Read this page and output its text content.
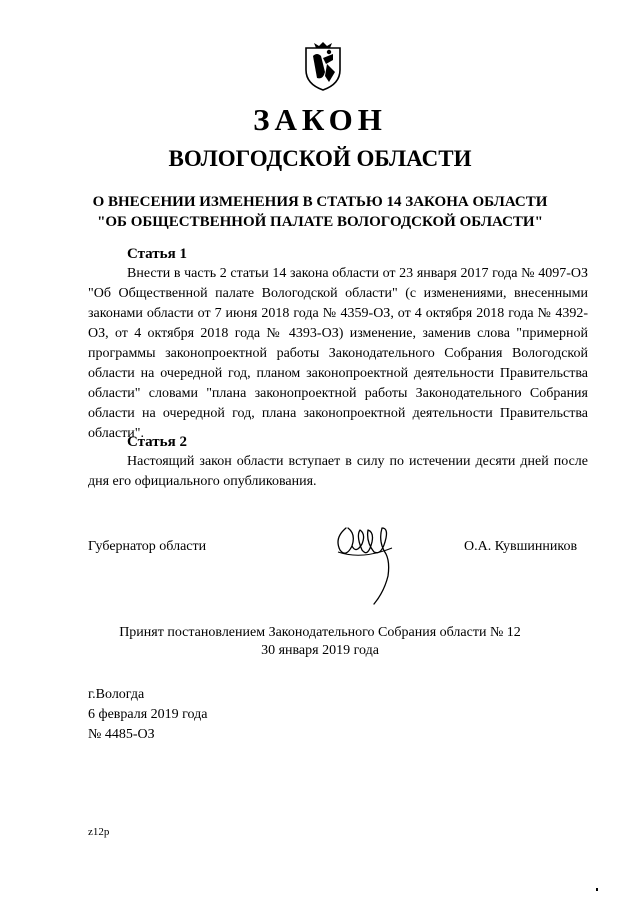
ЗАКОН
ВОЛОГОДСКОЙ ОБЛАСТИ
О ВНЕСЕНИИ ИЗМЕНЕНИЯ В СТАТЬЮ 14 ЗАКОНА ОБЛАСТИ
"ОБ ОБЩЕСТВЕННОЙ ПАЛАТЕ ВОЛОГОДСКОЙ ОБЛАСТИ"
Статья 1
Внести в часть 2 статьи 14 закона области от 23 января 2017 года № 4097-ОЗ "Об Общественной палате Вологодской области" (с изменениями, внесенными законами области от 7 июня 2018 года № 4359-ОЗ, от 4 октября 2018 года № 4392-ОЗ, от 4 октября 2018 года № 4393-ОЗ) изменение, заменив слова "примерной программы законопроектной работы Законодательного Собрания Вологодской области на очередной год, планом законопроектной деятельности Правительства области" словами "плана законопроектной работы Законодательного Собрания области на очередной год, плана законопроектной деятельности Правительства области".
Статья 2
Настоящий закон области вступает в силу по истечении десяти дней после дня его официального опубликования.
Губернатор области	О.А. Кувшинников
Принят постановлением Законодательного Собрания области № 12
30 января 2019 года
г.Вологда
6 февраля 2019 года
№ 4485-ОЗ
z12p
